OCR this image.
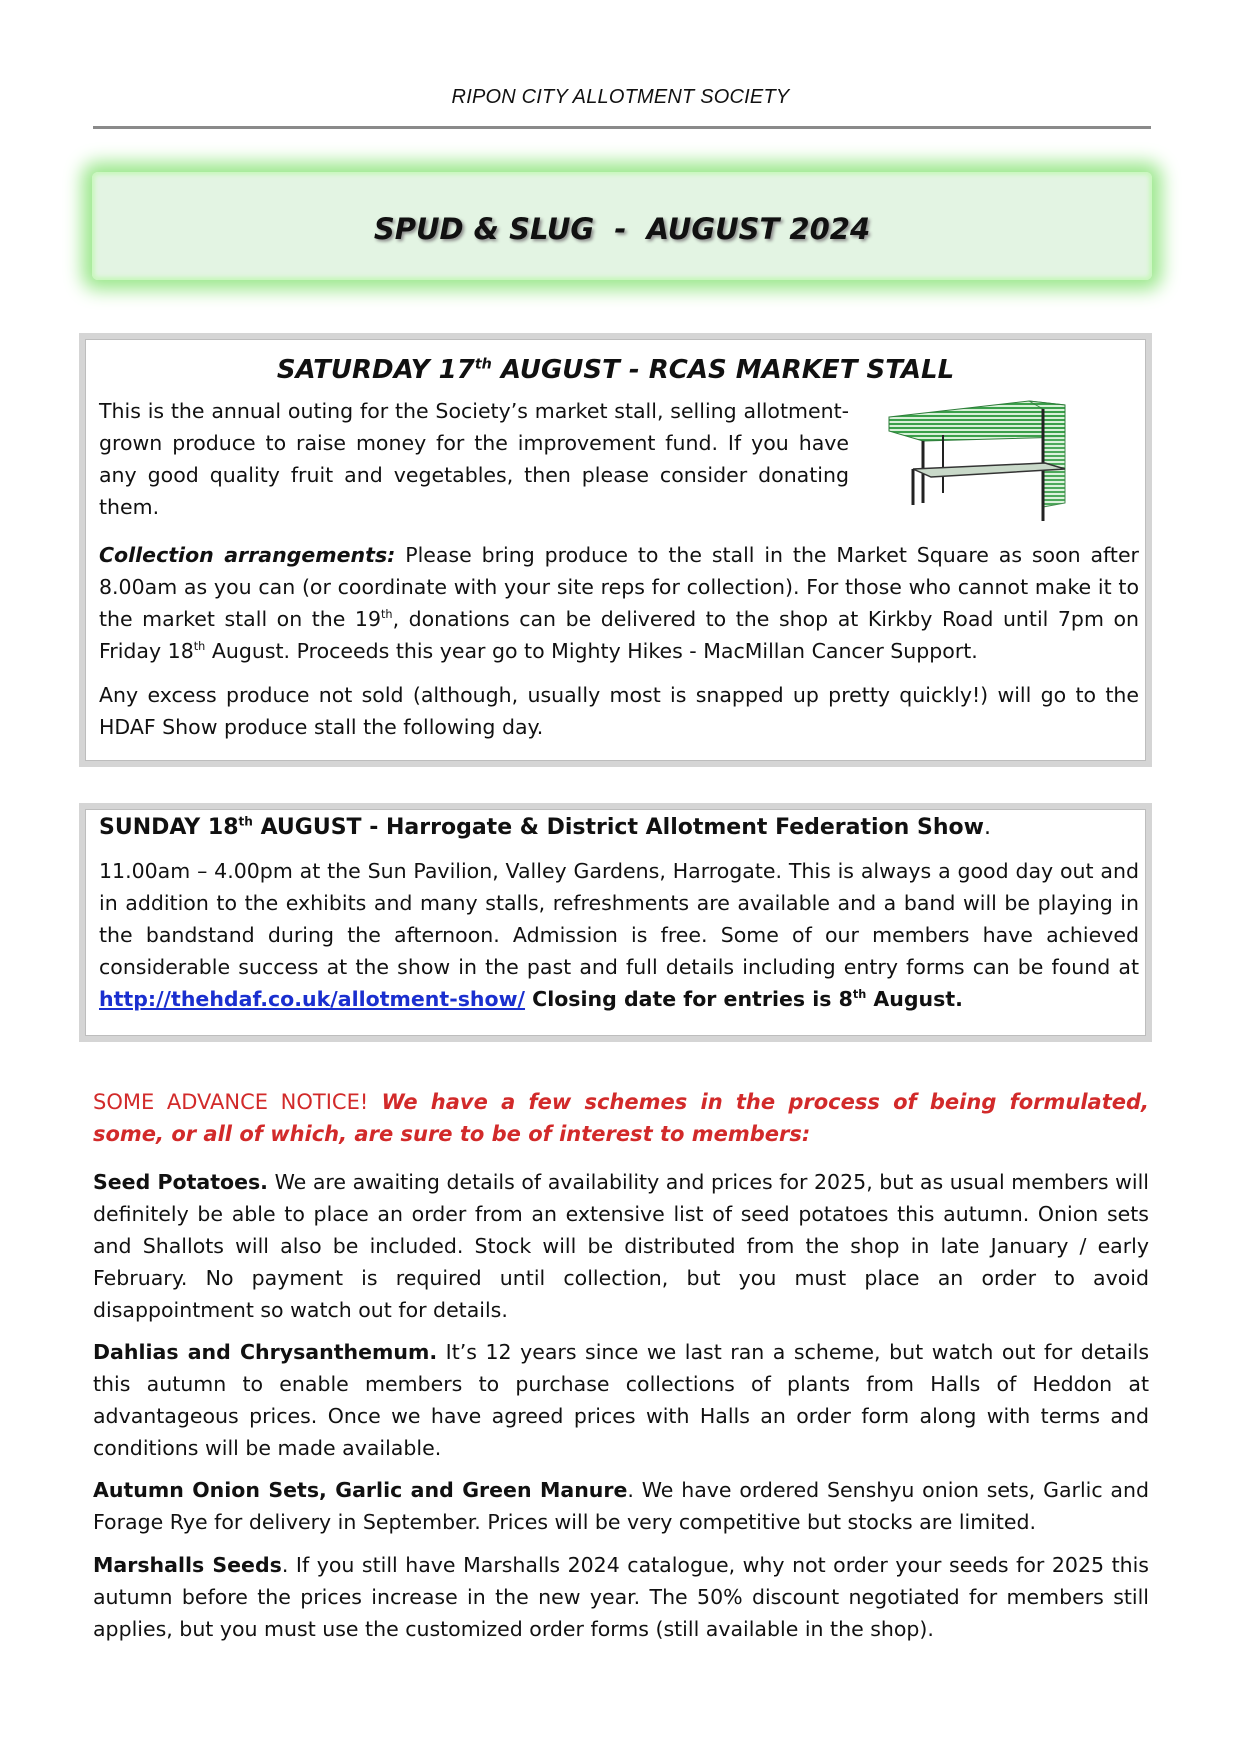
RIPON CITY ALLOTMENT SOCIETY
SPUD & SLUG  -  AUGUST 2024
SATURDAY 17th AUGUST - RCAS MARKET STALL
This is the annual outing for the Society’s market stall, selling allotment-grown produce to raise money for the improvement fund. If you have any good quality fruit and vegetables, then please consider donating them.
Collection arrangements: Please bring produce to the stall in the Market Square as soon after 8.00am as you can (or coordinate with your site reps for collection). For those who cannot make it to the market stall on the 19th, donations can be delivered to the shop at Kirkby Road until 7pm on Friday 18th August. Proceeds this year go to Mighty Hikes - MacMillan Cancer Support.
Any excess produce not sold (although, usually most is snapped up pretty quickly!) will go to the HDAF Show produce stall the following day.
SUNDAY 18th AUGUST - Harrogate & District Allotment Federation Show.
11.00am – 4.00pm at the Sun Pavilion, Valley Gardens, Harrogate. This is always a good day out and in addition to the exhibits and many stalls, refreshments are available and a band will be playing in the bandstand during the afternoon. Admission is free. Some of our members have achieved considerable success at the show in the past and full details including entry forms can be found at http://thehdaf.co.uk/allotment-show/ Closing date for entries is 8th August.
SOME ADVANCE NOTICE! We have a few schemes in the process of being formulated, some, or all of which, are sure to be of interest to members:
Seed Potatoes. We are awaiting details of availability and prices for 2025, but as usual members will definitely be able to place an order from an extensive list of seed potatoes this autumn. Onion sets and Shallots will also be included. Stock will be distributed from the shop in late January / early February. No payment is required until collection, but you must place an order to avoid disappointment so watch out for details.
Dahlias and Chrysanthemum. It’s 12 years since we last ran a scheme, but watch out for details this autumn to enable members to purchase collections of plants from Halls of Heddon at advantageous prices. Once we have agreed prices with Halls an order form along with terms and conditions will be made available.
Autumn Onion Sets, Garlic and Green Manure. We have ordered Senshyu onion sets, Garlic and Forage Rye for delivery in September. Prices will be very competitive but stocks are limited.
Marshalls Seeds. If you still have Marshalls 2024 catalogue, why not order your seeds for 2025 this autumn before the prices increase in the new year. The 50% discount negotiated for members still applies, but you must use the customized order forms (still available in the shop).
